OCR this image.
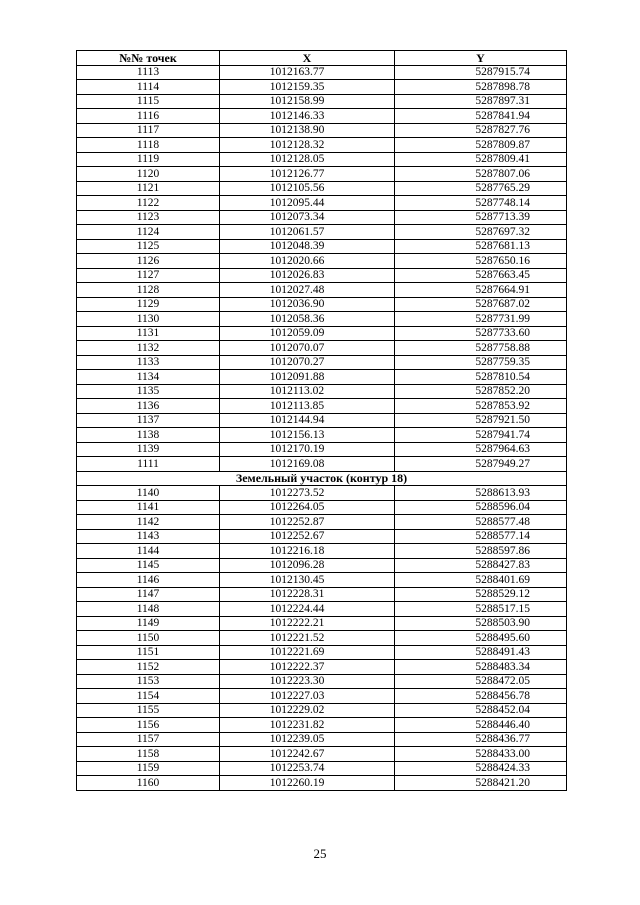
№№ точек	X	Y
1113	1012163.77	5287915.74
1114	1012159.35	5287898.78
1115	1012158.99	5287897.31
1116	1012146.33	5287841.94
1117	1012138.90	5287827.76
1118	1012128.32	5287809.87
1119	1012128.05	5287809.41
1120	1012126.77	5287807.06
1121	1012105.56	5287765.29
1122	1012095.44	5287748.14
1123	1012073.34	5287713.39
1124	1012061.57	5287697.32
1125	1012048.39	5287681.13
1126	1012020.66	5287650.16
1127	1012026.83	5287663.45
1128	1012027.48	5287664.91
1129	1012036.90	5287687.02
1130	1012058.36	5287731.99
1131	1012059.09	5287733.60
1132	1012070.07	5287758.88
1133	1012070.27	5287759.35
1134	1012091.88	5287810.54
1135	1012113.02	5287852.20
1136	1012113.85	5287853.92
1137	1012144.94	5287921.50
1138	1012156.13	5287941.74
1139	1012170.19	5287964.63
1111	1012169.08	5287949.27
Земельный участок (контур 18)		
1140	1012273.52	5288613.93
1141	1012264.05	5288596.04
1142	1012252.87	5288577.48
1143	1012252.67	5288577.14
1144	1012216.18	5288597.86
1145	1012096.28	5288427.83
1146	1012130.45	5288401.69
1147	1012228.31	5288529.12
1148	1012224.44	5288517.15
1149	1012222.21	5288503.90
1150	1012221.52	5288495.60
1151	1012221.69	5288491.43
1152	1012222.37	5288483.34
1153	1012223.30	5288472.05
1154	1012227.03	5288456.78
1155	1012229.02	5288452.04
1156	1012231.82	5288446.40
1157	1012239.05	5288436.77
1158	1012242.67	5288433.00
1159	1012253.74	5288424.33
1160	1012260.19	5288421.20
25
